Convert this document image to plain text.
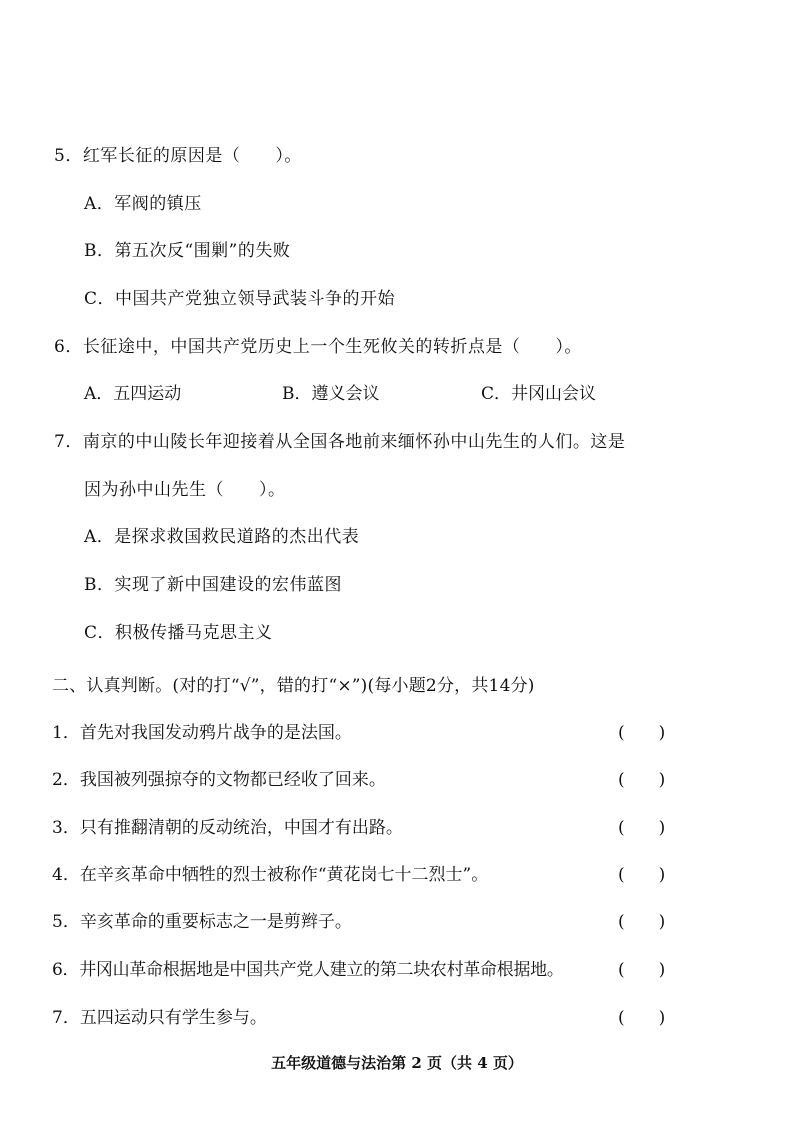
5．红军长征的原因是（　　）。
A．军阀的镇压
B．第五次反“围剿”的失败
C．中国共产党独立领导武装斗争的开始
6．长征途中，中国共产党历史上一个生死攸关的转折点是（　　）。
A．五四运动	B．遵义会议	C．井冈山会议
7．南京的中山陵长年迎接着从全国各地前来缅怀孙中山先生的人们。这是
因为孙中山先生（　　）。
A．是探求救国救民道路的杰出代表
B．实现了新中国建设的宏伟蓝图
C．积极传播马克思主义
二、认真判断。(对的打“√”，错的打“×”)(每小题2分，共14分)
1．首先对我国发动鸦片战争的是法国。	(　　)
2．我国被列强掠夺的文物都已经收了回来。	(　　)
3．只有推翻清朝的反动统治，中国才有出路。	(　　)
4．在辛亥革命中牺牲的烈士被称作“黄花岗七十二烈士”。	(　　)
5．辛亥革命的重要标志之一是剪辫子。	(　　)
6．井冈山革命根据地是中国共产党人建立的第二块农村革命根据地。	(　　)
7．五四运动只有学生参与。	(　　)
五年级道德与法治第 2 页（共 4 页）
